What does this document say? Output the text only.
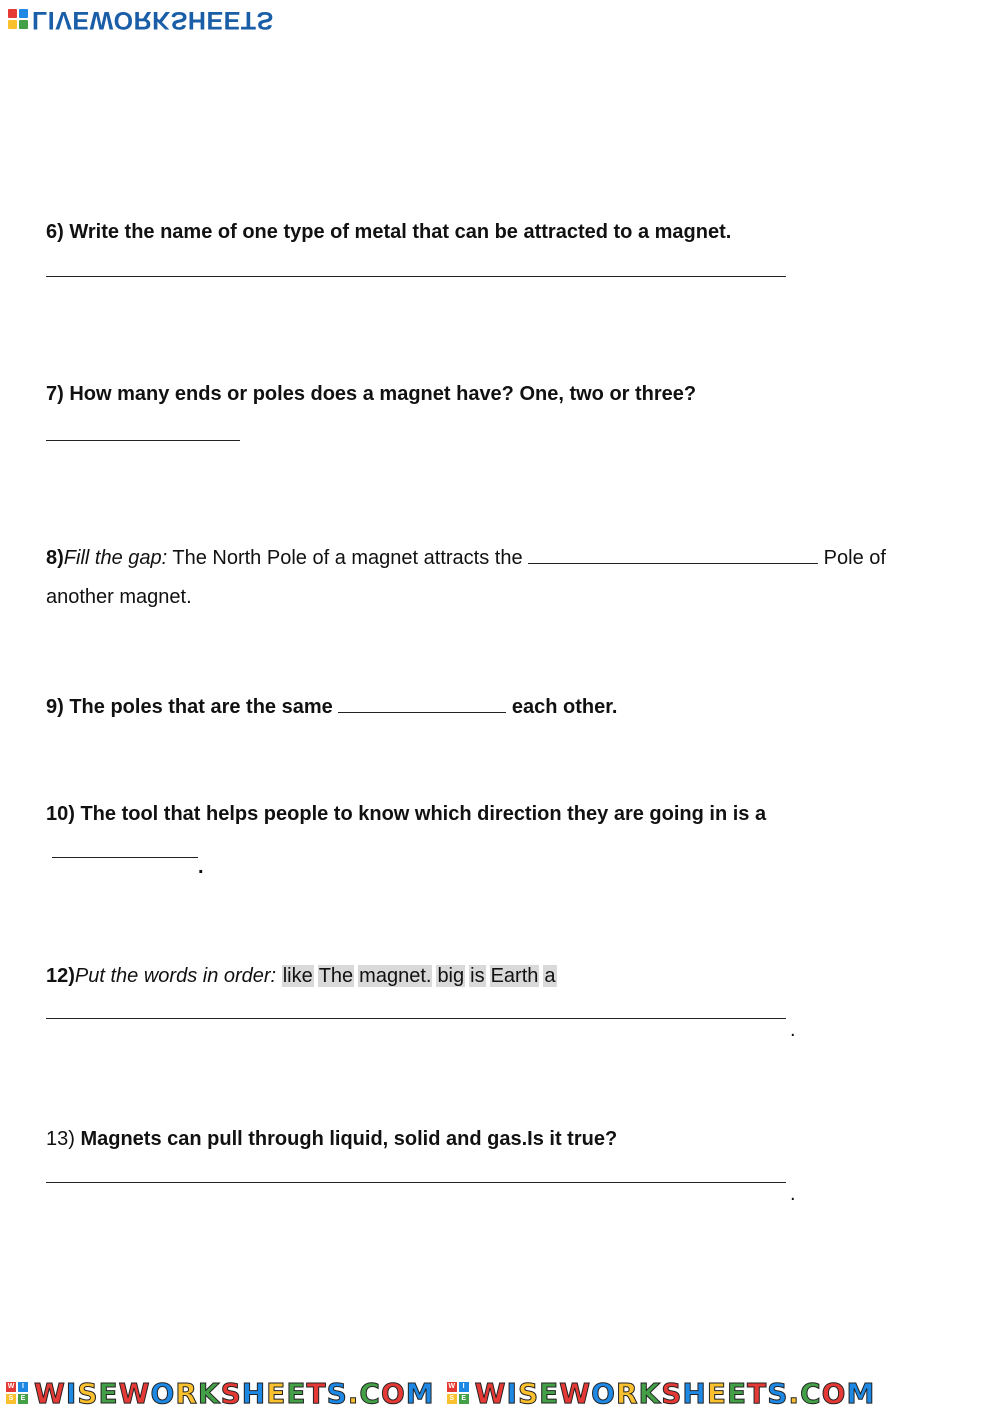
LIVEWORKSHEETS
6) Write the name of one type of metal that can be attracted to a magnet.
7) How many ends or poles does a magnet have? One, two or three?
8)Fill the gap: The North Pole of a magnet attracts the	Pole of
another magnet.
9) The poles that are the same	each other.
10) The tool that helps people to know which direction they are going in is a
.
12)Put the words in order: like The magnet. big is Earth a
.
13) Magnets can pull through liquid, solid and gas.Is it true?
.
W	I
S	E WISEWORKSHEETS.COM W	I
S	E WISEWORKSHEETS.COM
